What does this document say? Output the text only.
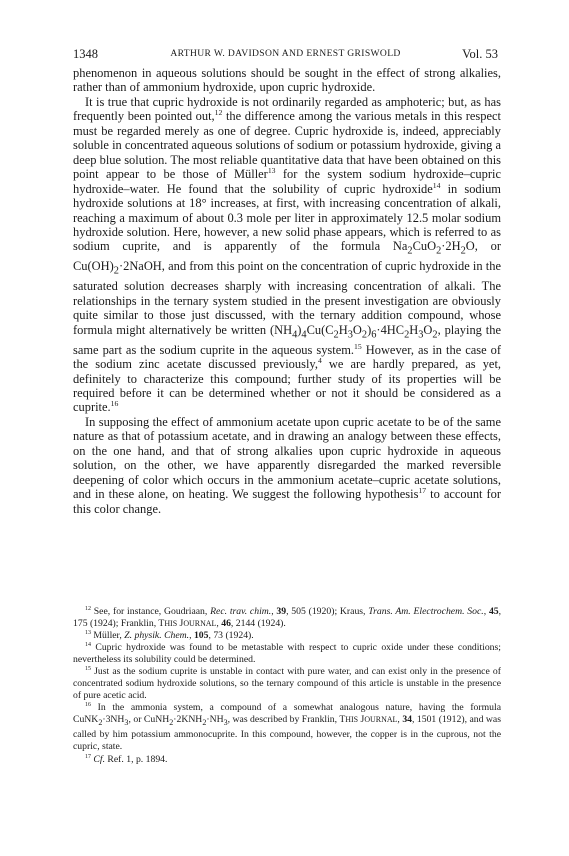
1348	ARTHUR W. DAVIDSON AND ERNEST GRISWOLD	Vol. 53

phenomenon in aqueous solutions should be sought in the effect of strong alkalies, rather than of ammonium hydroxide, upon cupric hydroxide.

It is true that cupric hydroxide is not ordinarily regarded as amphoteric; but, as has frequently been pointed out,$^{12}$ the difference among the various metals in this respect must be regarded merely as one of degree. Cupric hydroxide is, indeed, appreciably soluble in concentrated aqueous solutions of sodium or potassium hydroxide, giving a deep blue solution. The most reliable quantitative data that have been obtained on this point appear to be those of Müller$^{13}$ for the system sodium hydroxide–cupric hydroxide–water. He found that the solubility of cupric hydroxide$^{14}$ in sodium hydroxide solutions at 18° increases, at first, with increasing concentration of alkali, reaching a maximum of about 0.3 mole per liter in approximately 12.5 molar sodium hydroxide solution. Here, however, a new solid phase appears, which is referred to as sodium cuprite, and is apparently of the formula $Na_2CuO_2\cdot 2H_2O$, or $Cu(OH)_2\cdot 2NaOH$, and from this point on the concentration of cupric hydroxide in the saturated solution decreases sharply with increasing concentration of alkali. The relationships in the ternary system studied in the present investigation are obviously quite similar to those just discussed, with the ternary addition compound, whose formula might alternatively be written $(NH_4)_4Cu(C_2H_3O_2)_6\cdot 4HC_2H_3O_2$, playing the same part as the sodium cuprite in the aqueous system.$^{15}$ However, as in the case of the sodium zinc acetate discussed previously,$^4$ we are hardly prepared, as yet, definitely to characterize this compound; further study of its properties will be required before it can be determined whether or not it should be considered as a cuprite.$^{16}$

In supposing the effect of ammonium acetate upon cupric acetate to be of the same nature as that of potassium acetate, and in drawing an analogy between these effects, on the one hand, and that of strong alkalies upon cupric hydroxide in aqueous solution, on the other, we have apparently disregarded the marked reversible deepening of color which occurs in the ammonium acetate–cupric acetate solutions, and in these alone, on heating. We suggest the following hypothesis$^{17}$ to account for this color change.

$^{12}$ See, for instance, Goudriaan, Rec. trav. chim., 39, 505 (1920); Kraus, Trans. Am. Electrochem. Soc., 45, 175 (1924); Franklin, THIS JOURNAL, 46, 2144 (1924).

$^{13}$ Müller, Z. physik. Chem., 105, 73 (1924).

$^{14}$ Cupric hydroxide was found to be metastable with respect to cupric oxide under these conditions; nevertheless its solubility could be determined.

$^{15}$ Just as the sodium cuprite is unstable in contact with pure water, and can exist only in the presence of concentrated sodium hydroxide solutions, so the ternary compound of this article is unstable in the presence of pure acetic acid.

$^{16}$ In the ammonia system, a compound of a somewhat analogous nature, having the formula $CuNK_2\cdot 3NH_3$, or $CuNH_2\cdot 2KNH_2\cdot NH_3$, was described by Franklin, THIS JOURNAL, 34, 1501 (1912), and was called by him potassium ammonocuprite. In this compound, however, the copper is in the cuprous, not the cupric, state.

$^{17}$ Cf. Ref. 1, p. 1894.
